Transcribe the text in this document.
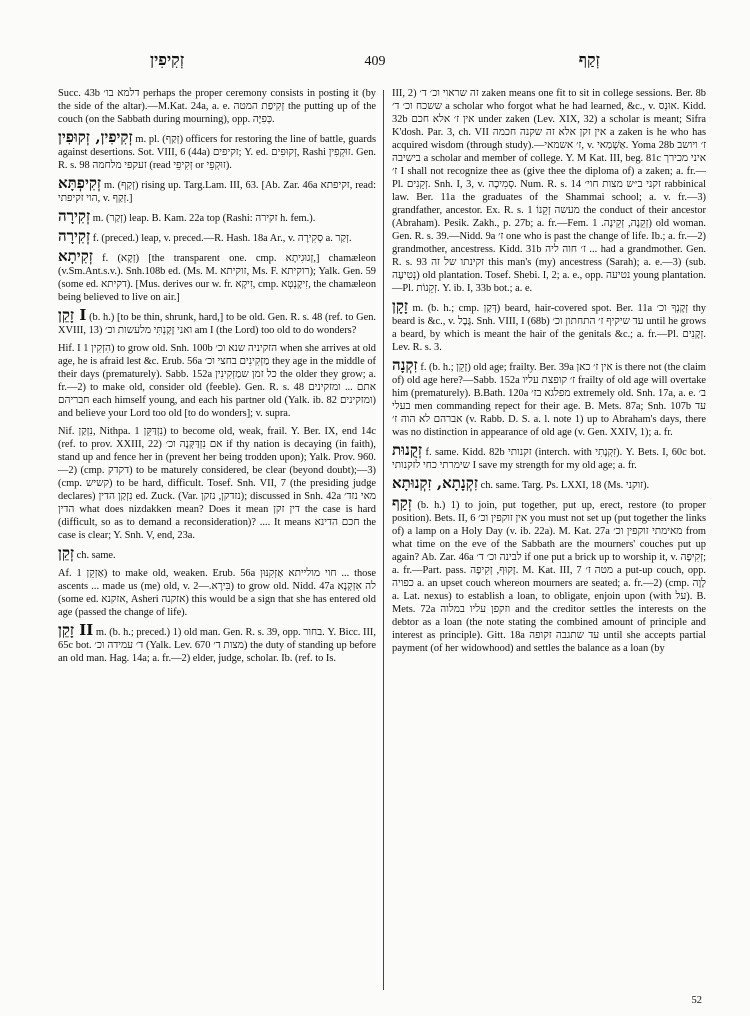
זְקִיפִין	409	זְקַף

Succ. 43b דלמא בו׳ perhaps the proper ceremony consists in posting it (by the side of the altar).—M.Kat. 24a, a. e. זְקִיפַת המטה the putting up of the couch (on the Sabbath during mourning), opp. כְּפִיָּה.

זְקִיפִין, זְקוּפִין m. pl. (זְקַף) officers for restoring the line of battle, guards against desertions. Sot. VIII, 6 (44a) זקיפים; Y. ed. זְקוּפִים, Rashi זוּקְפִין. Gen. R. s. 98 זעקפי מלחמה (read זְקִיפֵי or זוּקְפֵי).

זְקִיפְתָּא m. (זְקַף) rising up. Targ.Lam. III, 63. [Ab. Zar. 46a זקיפתא, read: הוי זקיפתי, v. זְקַף.]

זְקִירָה m. (זְקַר) leap. B. Kam. 22a top (Rashi: זקירה h. fem.).

זְקִירָה f. (preced.) leap, v. preced.—R. Hash. 18a Ar., v. סְקִירָה a. זְקַר.

זְקִיתָא f. (זְקָא) [the transparent one. cmp. זְגוּגִיתָא,] chamæleon (v.Sm.Ant.s.v.). Snh.108b ed. (Ms. M. זוקיתא, Ms. F. רוקיתא); Yalk. Gen. 59 (some ed. דקיתא). [Mus. derives our w. fr. זִיקָא, cmp. זִיקָנְטְא, the chamæleon being believed to live on air.]

זָקֵן I (b. h.) [to be thin, shrunk, hard,] to be old. Gen. R. s. 48 (ref. to Gen. XVIII, 13) ואני זָקַנְתִּי מלעשות וכ׳ am I (the Lord) too old to do wonders?

Hif. I הִזְקִין 1) to grow old. Snh. 100b הזקיניה שנא וכ׳ when she arrives at old age, he is afraid lest &c. Erub. 56a מַזְקִינִים בחצי וכ׳ they age in the middle of their days (prematurely). Sabb. 152a כל זמן שמַזְקִינִין the older they grow; a. fr.—2) to make old, consider old (feeble). Gen. R. s. 48 אתם ... ומזקינים חבריהם each himself young, and each his partner old (Yalk. ib. 82 ומזקינים) and believe your Lord too old [to do wonders]; v. supra.

Nif. נִזְקַן, Nithpa. נִזְדַּקֵּן 1) to become old, weak, frail. Y. Ber. IX, end 14c (ref. to prov. XXIII, 22) אם נִזְדַּקְּנָה וכ׳ if thy nation is decaying (in faith), stand up and fence her in (prevent her being trodden upon); Yalk. Prov. 960.—2) (cmp. דקדק) to be maturely considered, be clear (beyond doubt);—3) (cmp. קשיש) to be hard, difficult. Tosef. Snh. VII, 7 (the presiding judge declares) נִזְקַן הדין ed. Zuck. (Var. נזדקן, נזקן); discussed in Snh. 42a מאי נזד׳ הדין what does nizdakken mean? Does it mean דין זקן the case is hard (difficult, so as to demand a reconsideration)? .... It means חכם הדינא the case is clear; Y. Snh. V, end, 23a.

זְקֵן ch. same.

Af. אַזְקֵן 1) to make old, weaken. Erub. 56a חוי מולייתא אַזְקִנּוּן ... those ascents ... made us (me) old, v. בִּירָא.—2) to grow old. Nidd. 47a לה אִזְקְנָא (some ed. אזקנא, Asheri אזקנה) this would be a sign that she has entered old age (passed the change of life).

זָקֵן II m. (b. h.; preced.) 1) old man. Gen. R. s. 39, opp. בחור. Y. Bicc. III, 65c bot. ד׳ עמידה וכ׳ (Yalk. Lev. 670 מצות ד׳) the duty of standing up before an old man. Hag. 14a; a. fr.—2) elder, judge, scholar. Ib. (ref. to Is.

III, 2) זה שראוי וכ׳ ד׳ zaken means one fit to sit in college sessions. Ber. 8b ששכח וכ׳ ד׳ a scholar who forgot what he had learned, &c., v. אוּנְס. Kidd. 32b אין ז׳ אלא חכם under zaken (Lev. XIX, 32) a scholar is meant; Sifra K'dosh. Par. 3, ch. VII אין זקן אלא זה שקנה חכמה a zaken is he who has acquired wisdom (through study).—ז׳ אשמאי, v. אַשְׁמַאי. Yoma 28b ז׳ ויושב בישיבה a scholar and member of college. Y. M Kat. III, beg. 81c איני מכירך ז׳ I shall not recognize thee as (give thee the diploma of) a zaken; a. fr.—Pl. זְקֵנִים. Snh. I, 3, v. סְמִיכָה. Num. R. s. 14 זקני ב״ש מצות חוי׳ rabbinical law. Ber. 11a the graduates of the Shammai school; a. v. fr.—3) grandfather, ancestor. Ex. R. s. 1 מעשה זְקֵנוֹ the conduct of their ancestor (Abraham). Pesik. Zakh., p. 27b; a. fr.—Fem. זְקֵנָה, זְקֵינָה. 1) old woman. Gen. R. s. 39.—Nidd. 9a ז׳ one who is past the change of life. Ib.; a. fr.—2) grandmother, ancestress. Kidd. 31b ז׳ חוה ליה ... had a grandmother. Gen. R. s. 93 זקינתו של זה this man's (my) ancestress (Sarah); a. e.—3) (sub. נְטִיעָה) old plantation. Tosef. Shebi. I, 2; a. e., opp. נטיעה young plantation.—Pl. זְקֵנוֹת. Y. ib. I, 33b bot.; a. e.

זָקָן m. (b. h.; cmp. דְּקַן) beard, hair-covered spot. Ber. 11a זְקָנְךָ וכ׳ thy beard is &c., v. גֶּבֶל. Snh. VIII, I (68b) עד שיקיף ז׳ התחתון וכ׳ until he grows a beard, by which is meant the hair of the genitals &c.; a. fr.—Pl. זְקָנִים. Lev. R. s. 3.

זִקְנָה f. (b. h.; זָקֵן) old age; frailty. Ber. 39a אין ז׳ כאן is there not (the claim of) old age here?—Sabb. 152a ז׳ קופצת עליו frailty of old age will overtake him (prematurely). B.Bath. 120a מפלגא בז׳ extremely old. Snh. 17a, a. e. ב׳ בעלי men commanding repect for their age. B. Mets. 87a; Snh. 107b עד אברהם לא הוה ז׳ (v. Rabb. D. S. a. l. note 1) up to Abraham's days, there was no distinction in appearance of old age (v. Gen. XXIV, 1); a. fr.

זְקֻנוּת f. same. Kidd. 82b זקנותי (interch. with זִקְנָתִי). Y. Bets. I, 60c bot. שימרתי כחי לזקנותי I save my strength for my old age; a. fr.

זִקְנָתָא, זִקְנוּתָא ch. same. Targ. Ps. LXXI, 18 (Ms. זוקני).

זְקַף (b. h.) 1) to join, put together, put up, erect, restore (to proper position). Bets. II, 6 אין זוקפין וכ׳ you must not set up (put together the links of) a lamp on a Holy Day (v. ib. 22a). M. Kat. 27a מאימתי זוקפין וכ׳ from what time on the eve of the Sabbath are the mourners' couches put up again? Ab. Zar. 46a לבינה וכ׳ ד׳ if one put a brick up to worship it, v. זְקִיפָה; a. fr.—Part. pass. זָקוּף, זְקִיפָה. M. Kat. III, 7 מטה ז׳ a put-up couch, opp. כפויה a. an upset couch whereon mourners are seated; a. fr.—2) (cmp. לָוָה a. Lat. nexus) to establish a loan, to obligate, enjoin upon (with על). B. Mets. 72a וזקפן עליו במלוה and the creditor settles the interests on the debtor as a loan (the note stating the combined amount of principle and interest as principle). Gitt. 18a עד שתגבה זקופה until she accepts partial payment (of her widowhood) and settles the balance as a loan (by

52
